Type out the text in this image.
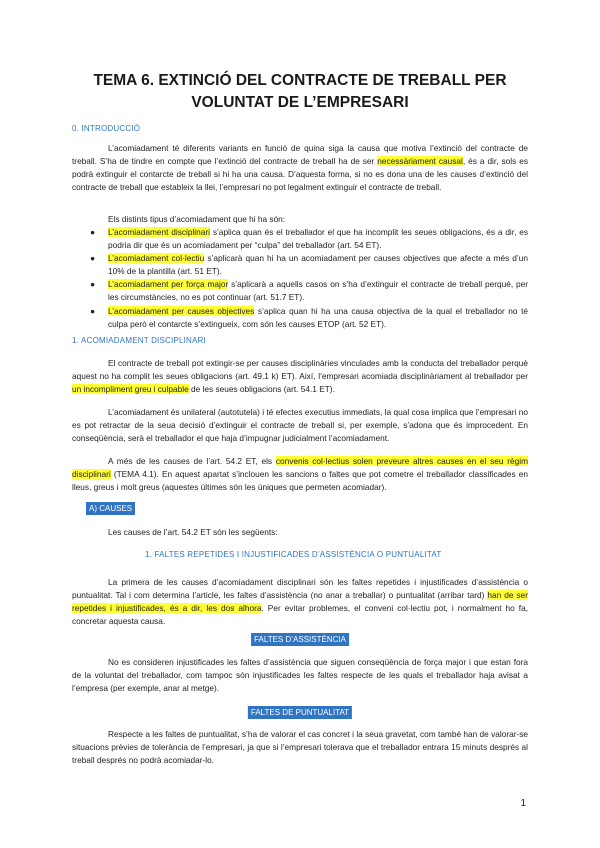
TEMA 6. EXTINCIÓ DEL CONTRACTE DE TREBALL PER VOLUNTAT DE L’EMPRESARI
0. INTRODUCCIÓ

L’acomiadament té diferents variants en funció de quina siga la causa que motiva l’extinció del contracte de treball. S’ha de tindre en compte que l’extinció del contracte de treball ha de ser necessàriament causal, és a dir, sols es podrà extinguir el contarcte de treball si hi ha una causa. D’aquesta forma, si no es dona una de les causes d’extinció del contracte de treball que estableix la llei, l’empresari no pot legalment extinguir el contracte de treball.

Els distints tipus d’acomiadament que hi ha són:
● L’acomiadament disciplinari s’aplica quan és el treballador el que ha incomplit les seues obligacions, és a dir, es podria dir que és un acomiadament per “culpa” del treballador (art. 54 ET).
● L’acomiadament col·lectiu s’aplicarà quan hi ha un acomiadament per causes objectives que afecte a més d’un 10% de la plantilla (art. 51 ET).
● L’acomiadament per força major s’aplicarà a aquells casos on s’ha d’extinguir el contracte de treball perquè, per les circumstàncies, no es pot continuar (art. 51.7 ET).
● L’acomiadament per causes objectives s’aplica quan hi ha una causa objectiva de la qual el treballador no té culpa però el contarcte s’extingueix, com són les causes ETOP (art. 52 ET).
1. ACOMIADAMENT DISCIPLINARI

El contracte de treball pot extingir-se per causes disciplinàries vinculades amb la conducta del treballador perquè aquest no ha complit les seues obligacions (art. 49.1 k) ET). Així, l’empresari acomiada disciplinàriament al treballador per un incompliment greu i culpable de les seues obligacions (art. 54.1 ET).

L’acomiadament és unilateral (autotutela) i té efectes executius immediats, la qual cosa implica que l’empresari no es pot retractar de la seua decisió d’extinguir el contracte de treball si, per exemple, s’adona que és improcedent. En conseqüència, serà el treballador el que haja d’impugnar judicialment l’acomiadament.

A més de les causes de l’art. 54.2 ET, els convenis col·lectius solen preveure altres causes en el seu règim disciplinari (TEMA 4.1). En aquest apartat s’inclouen les sancions o faltes que pot cometre el treballador classificades en lleus, greus i molt greus (aquestes últimes són les úniques que permeten acomiadar).

A) CAUSES
Les causes de l’art. 54.2 ET són les següents:
1. FALTES REPETIDES I INJUSTIFICADES D’ASSISTÈNCIA O PUNTUALITAT

La primera de les causes d’acomiadament disciplinari són les faltes repetides i injustificades d’assistència o puntualitat. Tal i com determina l’article, les faltes d’assistència (no anar a treballar) o puntualitat (arribar tard) han de ser repetides i injustificades, és a dir, les dos alhora. Per evitar problemes, el conveni col·lectiu pot, i normalment ho fa, concretar aquesta causa.

FALTES D’ASSISTÈNCIA

No es consideren injustificades les faltes d’assistència que siguen conseqüència de força major i que estan fora de la voluntat del treballador, com tampoc són injustificades les faltes respecte de les quals el treballador haja avisat a l’empresa (per exemple, anar al metge).

FALTES DE PUNTUALITAT

Respecte a les faltes de puntualitat, s’ha de valorar el cas concret i la seua gravetat, com també han de valorar-se situacions prèvies de tolerància de l’empresari, ja que si l’empresari tolerava que el treballador entrara 15 minuts després al treball després no podrà acomiadar-lo.

1
